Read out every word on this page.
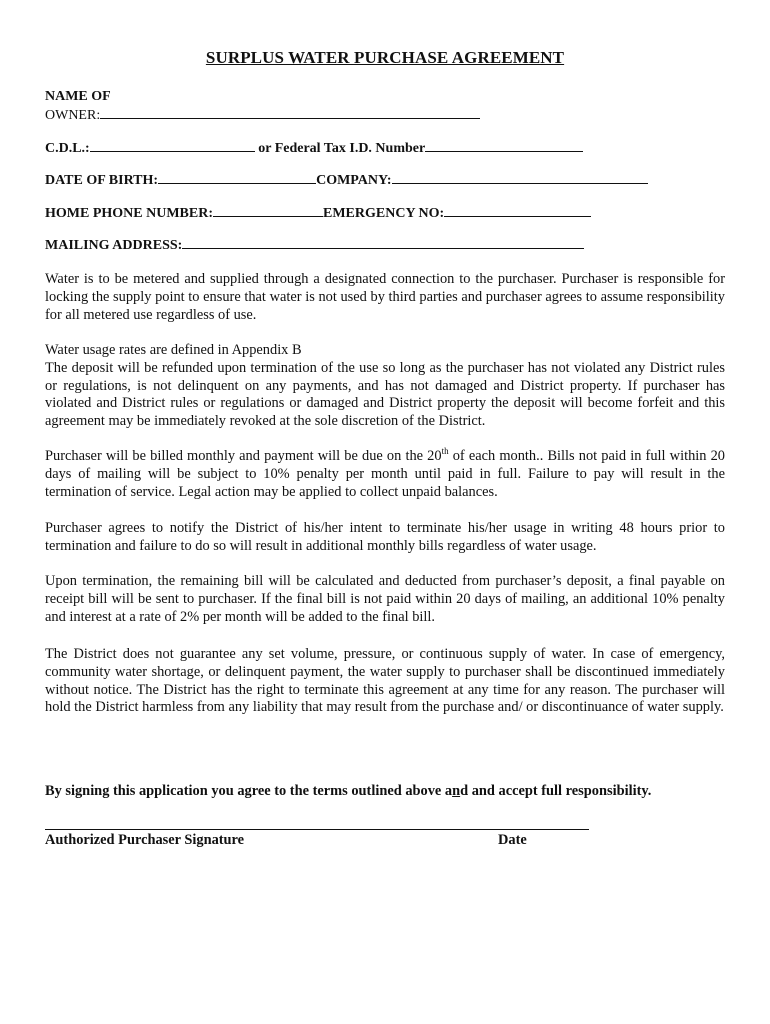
SURPLUS WATER PURCHASE AGREEMENT
NAME OF
OWNER:
C.D.L.:	or Federal Tax I.D. Number
DATE OF BIRTH:	COMPANY:
HOME PHONE NUMBER:	EMERGENCY NO:
MAILING ADDRESS:

Water is to be metered and supplied through a designated connection to the purchaser. Purchaser is responsible for locking the supply point to ensure that water is not used by third parties and purchaser agrees to assume responsibility for all metered use regardless of use.

Water usage rates are defined in Appendix B

The deposit will be refunded upon termination of the use so long as the purchaser has not violated any District rules or regulations, is not delinquent on any payments, and has not damaged and District property. If purchaser has violated and District rules or regulations or damaged and District property the deposit will become forfeit and this agreement may be immediately revoked at the sole discretion of the District.

Purchaser will be billed monthly and payment will be due on the 20th of each month.. Bills not paid in full within 20 days of mailing will be subject to 10% penalty per month until paid in full. Failure to pay will result in the termination of service. Legal action may be applied to collect unpaid balances.

Purchaser agrees to notify the District of his/her intent to terminate his/her usage in writing 48 hours prior to termination and failure to do so will result in additional monthly bills regardless of water usage.

Upon termination, the remaining bill will be calculated and deducted from purchaser’s deposit, a final payable on receipt bill will be sent to purchaser. If the final bill is not paid within 20 days of mailing, an additional 10% penalty and interest at a rate of 2% per month will be added to the final bill.

The District does not guarantee any set volume, pressure, or continuous supply of water. In case of emergency, community water shortage, or delinquent payment, the water supply to purchaser shall be discontinued immediately without notice. The District has the right to terminate this agreement at any time for any reason. The purchaser will hold the District harmless from any liability that may result from the purchase and/ or discontinuance of water supply.

By signing this application you agree to the terms outlined above and and accept full responsibility.
Authorized Purchaser Signature	Date
